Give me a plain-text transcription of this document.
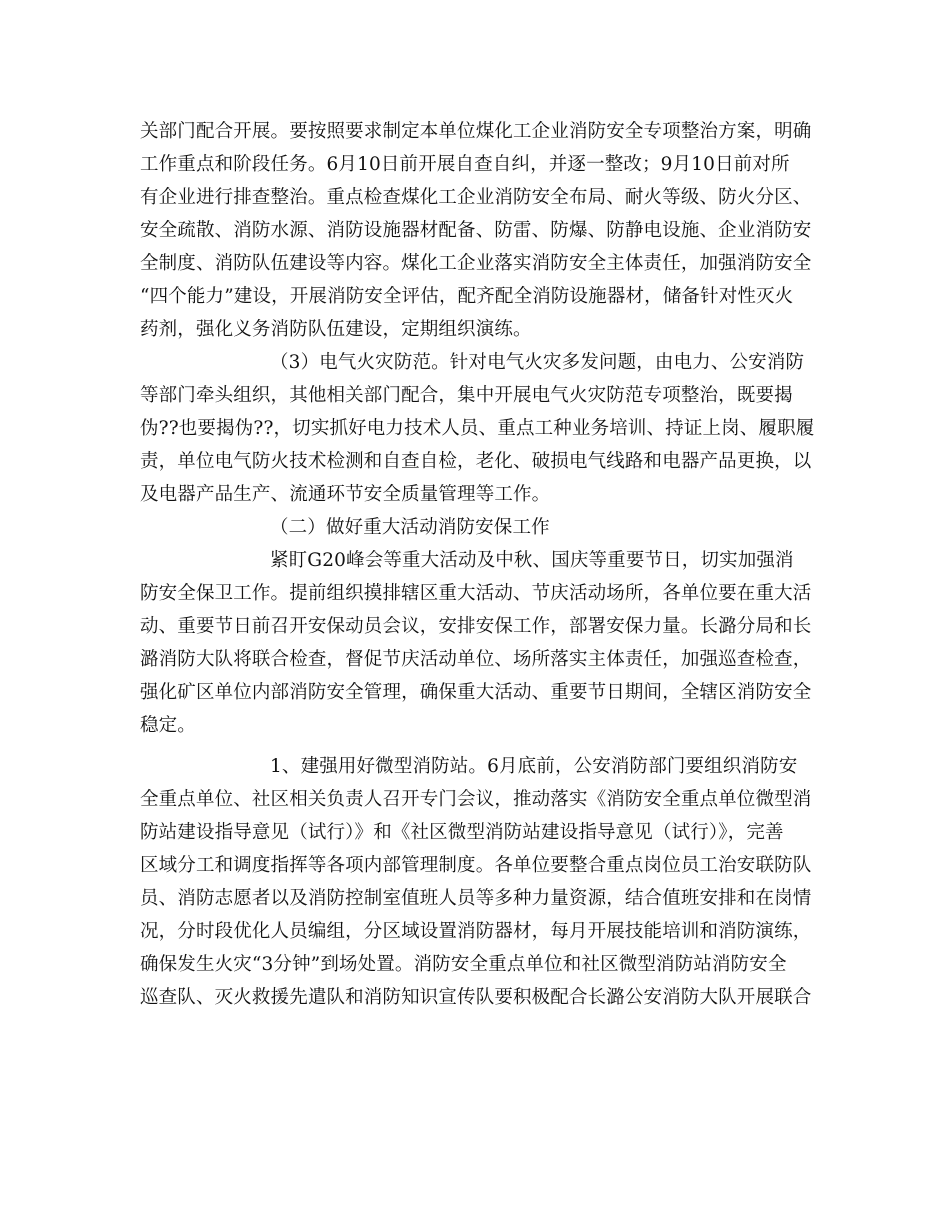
关部门配合开展。要按照要求制定本单位煤化工企业消防安全专项整治方案，明确
工作重点和阶段任务。6月10日前开展自查自纠，并逐一整改；9月10日前对所
有企业进行排查整治。重点检查煤化工企业消防安全布局、耐火等级、防火分区、
安全疏散、消防水源、消防设施器材配备、防雷、防爆、防静电设施、企业消防安
全制度、消防队伍建设等内容。煤化工企业落实消防安全主体责任，加强消防安全
“四个能力”建设，开展消防安全评估，配齐配全消防设施器材，储备针对性灭火
药剂，强化义务消防队伍建设，定期组织演练。
（3）电气火灾防范。针对电气火灾多发问题，由电力、公安消防
等部门牵头组织，其他相关部门配合，集中开展电气火灾防范专项整治，既要揭
伪??也要揭伪??，切实抓好电力技术人员、重点工种业务培训、持证上岗、履职履
责，单位电气防火技术检测和自查自检，老化、破损电气线路和电器产品更换，以
及电器产品生产、流通环节安全质量管理等工作。
（二）做好重大活动消防安保工作
紧盯G20峰会等重大活动及中秋、国庆等重要节日，切实加强消
防安全保卫工作。提前组织摸排辖区重大活动、节庆活动场所，各单位要在重大活
动、重要节日前召开安保动员会议，安排安保工作，部署安保力量。长潞分局和长
潞消防大队将联合检查，督促节庆活动单位、场所落实主体责任，加强巡查检查，
强化矿区单位内部消防安全管理，确保重大活动、重要节日期间，全辖区消防安全
稳定。
1、建强用好微型消防站。6月底前，公安消防部门要组织消防安
全重点单位、社区相关负责人召开专门会议，推动落实《消防安全重点单位微型消
防站建设指导意见（试行）》和《社区微型消防站建设指导意见（试行）》，完善
区域分工和调度指挥等各项内部管理制度。各单位要整合重点岗位员工治安联防队
员、消防志愿者以及消防控制室值班人员等多种力量资源，结合值班安排和在岗情
况，分时段优化人员编组，分区域设置消防器材，每月开展技能培训和消防演练，
确保发生火灾“3分钟”到场处置。消防安全重点单位和社区微型消防站消防安全
巡查队、灭火救援先遣队和消防知识宣传队要积极配合长潞公安消防大队开展联合
